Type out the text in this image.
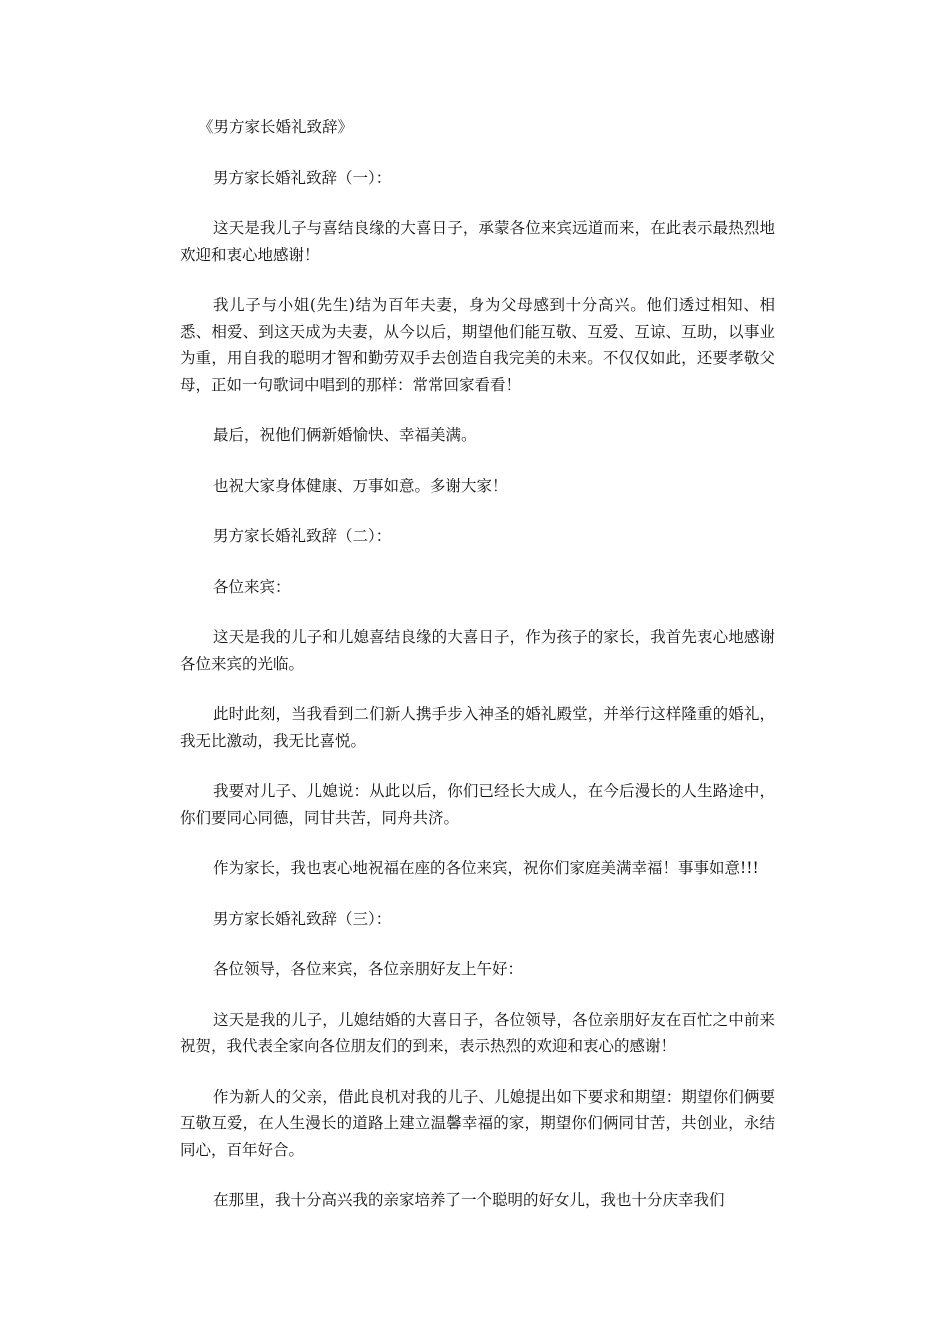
《男方家长婚礼致辞》

男方家长婚礼致辞（一）：

这天是我儿子与喜结良缘的大喜日子，承蒙各位来宾远道而来，在此表示最热烈地欢迎和衷心地感谢！

我儿子与小姐(先生)结为百年夫妻，身为父母感到十分高兴。他们透过相知、相悉、相爱、到这天成为夫妻，从今以后，期望他们能互敬、互爱、互谅、互助，以事业为重，用自我的聪明才智和勤劳双手去创造自我完美的未来。不仅仅如此，还要孝敬父母，正如一句歌词中唱到的那样：常常回家看看！

最后，祝他们俩新婚愉快、幸福美满。

也祝大家身体健康、万事如意。多谢大家！

男方家长婚礼致辞（二）：

各位来宾：

这天是我的儿子和儿媳喜结良缘的大喜日子，作为孩子的家长，我首先衷心地感谢各位来宾的光临。

此时此刻，当我看到二们新人携手步入神圣的婚礼殿堂，并举行这样隆重的婚礼，我无比激动，我无比喜悦。

我要对儿子、儿媳说：从此以后，你们已经长大成人，在今后漫长的人生路途中，你们要同心同德，同甘共苦，同舟共济。

作为家长，我也衷心地祝福在座的各位来宾，祝你们家庭美满幸福！事事如意!!!

男方家长婚礼致辞（三）：

各位领导，各位来宾，各位亲朋好友上午好：

这天是我的儿子，儿媳结婚的大喜日子，各位领导，各位亲朋好友在百忙之中前来祝贺，我代表全家向各位朋友们的到来，表示热烈的欢迎和衷心的感谢！

作为新人的父亲，借此良机对我的儿子、儿媳提出如下要求和期望：期望你们俩要互敬互爱，在人生漫长的道路上建立温馨幸福的家，期望你们俩同甘苦，共创业，永结同心，百年好合。

在那里，我十分高兴我的亲家培养了一个聪明的好女儿，我也十分庆幸我们
